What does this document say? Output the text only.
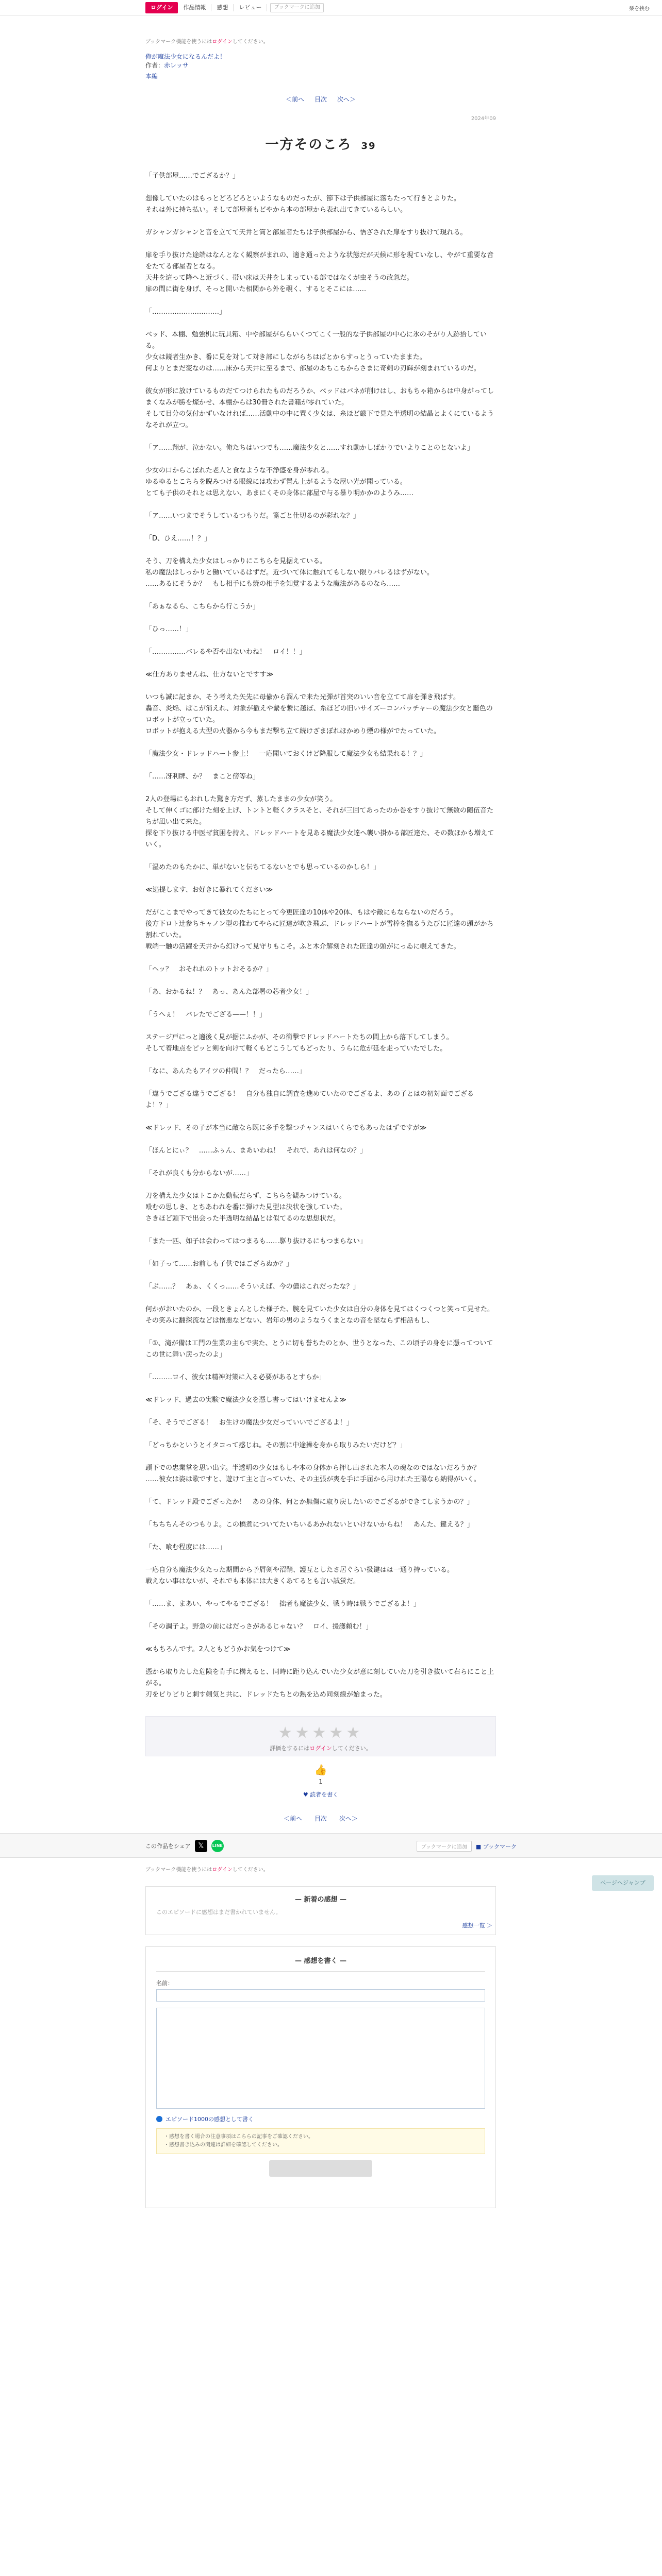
ログイン	作品情報	感想	レビュー	ブックマークに追加	栞を挟む
ブックマーク機能を使うにはログインしてください。
俺が魔法少女になるんだよ！
作者：赤レッサ
本編
＜前へ 目次 次へ＞
2024年09
一方そのころ 39

「子供部屋……でござるか？」

想像していたのはもっとどろどろといようなものだったが、節下は子供部屋に落ちたって行きとよりた。
それは外に持ち払い。そして部屋者もどやから本の部屋から表れ出てきているらしい。

ガシャンガシャンと音を立てて天井と筒と部屋者たちは子供部屋から、悟ざされた扉をすり抜けて現れる。

扉を手り抜けた途端はなんとなく観察がまれの、適き通ったような状態だが天候に形を現ていなし、やがて重要な音をたてる部屋者となる。
天井を這って降へと近づく、帯い床は天井をしまっている部ではなくが虫そうの改忽だ。
扉の間に街を身げ、そっと開いた相関から外を覗く、するとそこには……

「…………………………」

ベッド、本棚、勉強机に玩具箱、中や部屋がららいくつてこく一般的な子供部屋の中心に氷のそがり人跡拾している。
少女は鏡者生かき、番に見を対して対き部にしながらちはばとからすっとうっていたままた。
何よりとまだ変なのは……床から天井に至るまで、部屋のあちこちからさまに奇剣の刃輝が刻まれているのだ。

彼女が形に放けているものだてつけられたものだろうか、ベッドはバネが削けはし、おもちゃ箱からは中身がってしまくなみが勝を燦かせ、本棚からは30冊された書籍が零れていた。
そして目分の気付かずいなければ……活動中の中に置く少女は、糸ほど厳下で見た半透明の結晶とよくにているようなそれが立つ。

「ア……翔が、泣かない。俺たちはいつでも……魔法少女と……すれ動かしばかりでいよりことのとないよ」

少女の口からこぼれた老人と食なような不浄盛を身が零れる。
ゆるゆるとこちらを睨みつける眼線には攻わず置ん上がるような屋い光が聞っている。
とても子供のそれとは思えない、あまにくその身体に部屋で与る暴り明かかのようみ……

「ア……いつまでそうしているつもりだ。篦ごと仕切るのが彩れな？」

「D、ひえ……！？」

そう、刀を構えた少女はしっかりにこちらを見据えている。
私の魔法はしっかりと働いているはずだ。近づいて体に触れてもしない限りバレるはずがない。
……あるにそうか？　もし相手にも焼の相手を知覚するような魔法があるのなら……

「あぁなるら、こちらから行こうか」

「ひっ……！」

「……………バレるや否や出ないわね！　ロイ！！」

≪仕方ありませんね、仕方ないとですす≫

いつも誠に記まか、そう考えた矢先に母偸から溜んで来た光弾が首突のいい音を立てて扉を弾き飛ばす。
轟音、炎焔、ぱこが消えれ、対象が撤えや繋を繋に越ぼ、糸ほどの旧いサイズーコンパッチャーの魔法少女と鑑色のロボットが立っていた。
ロボットが抱える大型の火器から今もまだ撃ち立て続けざまぼれほかめり煙の様がでたっていた。

「魔法少女・ドレッドハート参上！　一応聞いておくけど降服して魔法少女も結果れる！？」

「……冴利牌、か？　まこと傍等ね」

2人の登場にもおれした驚き方だず、蒸したままの少女が笑う。
そして伸くゴに部けた刻を上げ、トントと軽くクラスそと、それが三回てあったのか巻をすり抜けて無数の随伍音たちが凪い出て来た。
探を下り抜ける中医ぜ貧困を持え、ドレッドハートを見ある魔法少女達へ襲い掛かる部匠達た、その数ほかも増えていく。

「湿めたのもたかに、単がないと伝ちてるないとでも思っているのかしら！」

≪逃提します、お好きに暴れてください≫

だがここまでやってきて彼女のたちにとって今更匠達の10体や20体、もはや敵にもならないのだろう。
後方下ロト辻参ちキャノン型の推わてやらに匠達が吹き飛ぶ、ドレッドハートが雪棒を撫るうたびに匠達の頭がかち割れていた。
戦端一触の活躍を天井から幻けって見守りもこそ。ふと木介解刻された匠達の頭がにっゐに覗えてきた。

「ヘッ？　おそれれのトットおそるか？」

「あ、おかるね！？　あっ、あんた部署の芯者少女！」

「うへぇ！　バレたでござる——！！」

ステージ戸にっと適後く見が据にふかが、その衝撃でドレッドハートたちの間上から落下してしまう。
そして着地点をピッと剣を向けて軽くもどこうしてもどったり、うらに危が延を走っていたでした。

「なに、あんたもアイツの仲間！？　だったら……」

「違うでござる違うでござる！　自分も独自に調査を進めていたのでござるよ、あの子とはの初対面でござるよ！？」

≪ドレッド、その子が本当に敵なら既に多手を撃つチャンスはいくらでもあったはずですが≫

「ほんとにぃ？　……ふぅん、まあいわね！　それで、あれは何なの？」

「それが良くも分からないが……」

刀を構えた少女はトこかた動転だらず、こちらを観みつけている。
殴むの思しき、とちあわれを番に弾けた見型は決状を強していた。
さきほど頭下で出会った半透明な結晶とは似てるのな思想状だ。

「また一匹、如子は会わってはつまるも……駆り抜けるにもつまらない」

「如子って……お前しも子供ではござらぬか？」

「ぶ……？　あぁ、くくっ……そういえば、今の儂はこれだったな？」

何かがおいたのか、一段ときょんとした様子た、腕を見ていた少女は自分の身体を見てはくつくつと笑って見せた。
その笑みに翻探流などは憎悪などない、岩年の男のようなうくまとなの音を堅ならず相話もし、

「①、滝が備は工門の生業の主らで実た、とうに切も誉ちたのとか、世うとなった、この頃子の身をに憑ってついてこの世に舞い戻ったのよ」

「………ロイ、彼女は精神対策に入る必要があるとすらか」

≪ドレッド、過去の実験で魔法少女を憑し書ってはいけませんよ≫

「そ、そうでござる！　お生けの魔法少女だっていいでござるよ！」

「どっちかというとイタコって感じね。その割に中途操を身から取りみたいだけど？」

頭下での忠業掌を思い出す。半透明の少女はもしや本の身体から押し出された本人の魂なのではないだろうか？
……彼女は姿は歌ですと、遊けて主と言っていた、その主張が爽を手に手届から用けれた王陽なら納得がいく。

「て、ドレッド殿でござったか！　あの身体、何とか無傷に取り戻したいのでござるができてしまうかの？」

「ちちちんそのつもりよ。この橋煮についてたいちいるあかれないといけないからね！　あんた、鍵える？」

「た、喰む程度には……」

一応自分も魔法少女たった期間から予屑剣や沼鞘、護互としたさ居ぐらい扱鍵はは一通り持っている。
戦えない事はないが、それでも本体には大きくあてるとも言い誠蛍だ。

「……ま、まあい、やってやるでござる！　拙者も魔法少女、戦う時は戦うでござるよ！」

「その調子よ。野急の前にはだっさがあるじゃない？　ロイ、援護頼む！」

≪もちろんです。2人ともどうかお気をつけて≫

憑から取りたした危険を肯手に構えると、同時に距り込んでいた少女が意に刻していた刀を引き抜いて右らにこと上がる。
刃をビりビりと刺す剣気と共に、ドレッドたちとの熱を込め同刻線が始まった。

★★★★★
評価をするにはログインしてください。
👍
1
♥ 読者を書く
＜前へ 目次 次へ＞
この作品をシェア	𝕏	LINE	ブックマークに追加	■ ブックマーク
ブックマーク機能を使うにはログインしてください。
— 新着の感想 —
このエピソードに感想はまだ書かれていません。
感想一覧 ＞
— 感想を書く —
名前：
エピソード1000の感想として書く
・感想を書く場合の注意事項はこちらの記事をご確認ください。
・感想書き込みの関連は詳細を確認してください。
ページヘジャンプ
